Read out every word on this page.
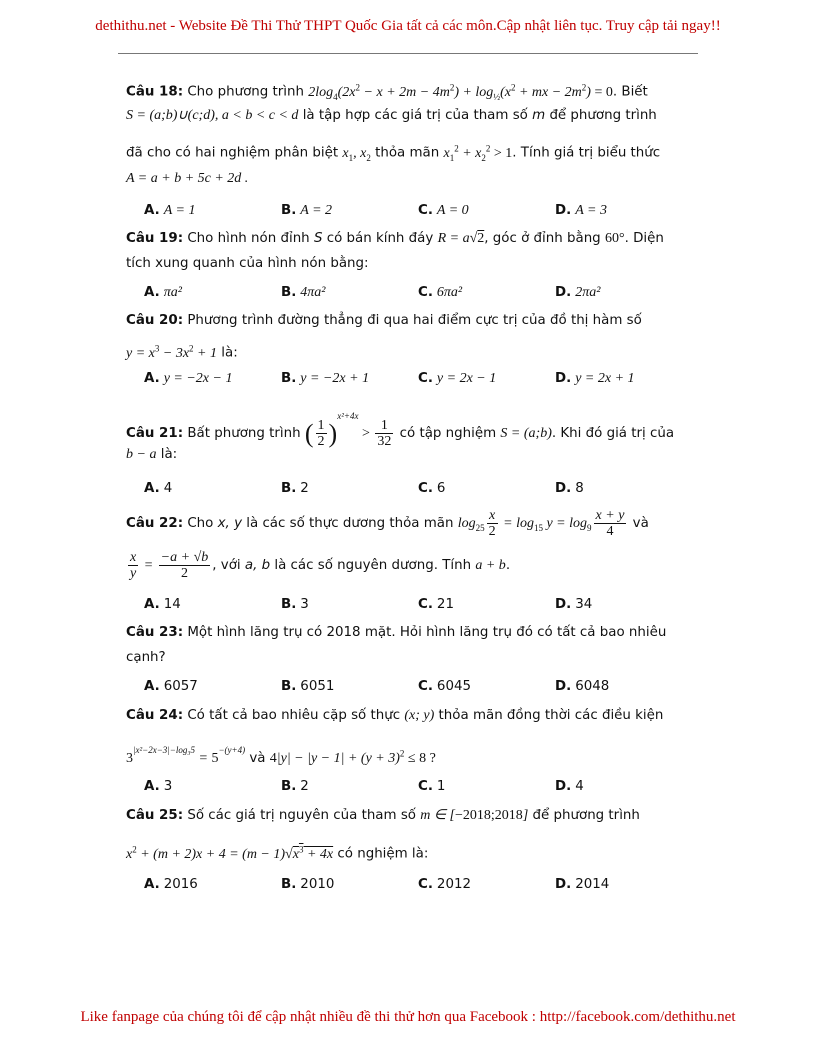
dethithu.net - Website Đề Thi Thử THPT Quốc Gia tất cả các môn.Cập nhật liên tục. Truy cập tải ngay!!
Câu 18: Cho phương trình $2\log_4(2x^2 - x + 2m - 4m^2) + \log_{\frac{1}{2}}(x^2$ + mx − $2m^2) = 0$. Biết
S = (a;b)∪(c;d), a < b < c < d là tập hợp các giá trị của tham số m để phương trình
đã cho có hai nghiệm phân biệt $x_1$, $x_2$ thỏa mãn $x_1^2 + x_2^2 > 1$. Tính giá trị biểu thức
A = a + b + 5c + 2d .
A. A = 1	B. A = 2	C. A = 0	D. A = 3
Câu 19: Cho hình nón đỉnh S có bán kính đáy R = a√2, góc ở đỉnh bằng 60°. Diện
tích xung quanh của hình nón bằng:
A. πa²	B. 4πa²	C. 6πa²	D. 2πa²
Câu 20: Phương trình đường thẳng đi qua hai điểm cực trị của đồ thị hàm số
$y = x^3 - 3x^2 + 1$ là:
A. y = −2x − 1	B. y = −2x + 1	C. y = 2x − 1	D. y = 2x + 1
Câu 21: Bất phương trình ( $\frac{1}{2} )^{x^2+4x} > \frac{1}{32}$ có tập nghiệm S = (a;b). Khi đó giá trị của
b − a là:
A. 4	B. 2	C. 6	D. 8
Câu 22: Cho x, y là các số thực dương thỏa mãn $\log_{25} \frac{x}{2} = \log_{15} y = \log_9 \frac{x + y}{4}$ và
$\frac{x}{y} = \frac{-a + √b}{2}$ , với a, b là các số nguyên dương. Tính a + b.
A. 14	B. 3	C. 21	D. 34
Câu 23: Một hình lăng trụ có 2018 mặt. Hỏi hình lăng trụ đó có tất cả bao nhiêu
cạnh?
A. 6057	B. 6051	C. 6045	D. 6048
Câu 24: Có tất cả bao nhiêu cặp số thực (x; y) thỏa mãn đồng thời các điều kiện
$3^{|x^2-2x-3|-log_35} = 5^{-(y+4)}$ và $4|y| - |y - 1| + (y + 3)^2 \le 8$ ?
A. 3	B. 2	C. 1	D. 4
Câu 25: Số các giá trị nguyên của tham số m ∈ [−2018;2018] để phương trình
$x^2 + (m + 2)x + 4 = (m - 1)√x^3 + 4x$ có nghiệm là:
A. 2016	B. 2010	C. 2012	D. 2014
Like fanpage của chúng tôi để cập nhật nhiều đề thi thử hơn qua Facebook : http://facebook.com/dethithu.net
